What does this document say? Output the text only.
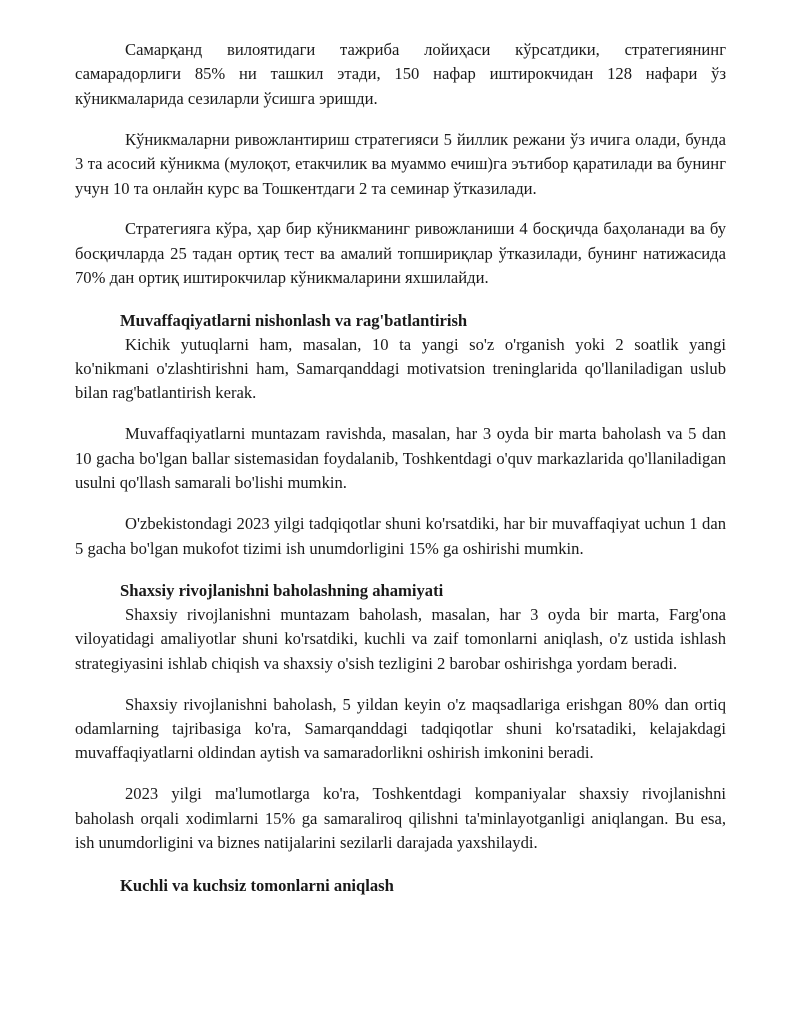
Самарқанд вилоятидаги тажриба лойиҳаси кўрсатдики, стратегиянинг самарадорлиги 85% ни ташкил этади, 150 нафар иштирокчидан 128 нафари ўз кўникмаларида сезиларли ўсишга эришди.

Кўникмаларни ривожлантириш стратегияси 5 йиллик режани ўз ичига олади, бунда 3 та асосий кўникма (мулоқот, етакчилик ва муаммо ечиш)га эътибор қаратилади ва бунинг учун 10 та онлайн курс ва Тошкентдаги 2 та семинар ўтказилади.

Стратегияга кўра, ҳар бир кўникманинг ривожланиши 4 босқичда баҳоланади ва бу босқичларда 25 тадан ортиқ тест ва амалий топшириқлар ўтказилади, бунинг натижасида 70% дан ортиқ иштирокчилар кўникмаларини яхшилайди.

Muvaffaqiyatlarni nishonlash va rag'batlantirish

Kichik yutuqlarni ham, masalan, 10 ta yangi so'z o'rganish yoki 2 soatlik yangi ko'nikmani o'zlashtirishni ham, Samarqanddagi motivatsion treninglarida qo'llaniladigan uslub bilan rag'batlantirish kerak.

Muvaffaqiyatlarni muntazam ravishda, masalan, har 3 oyda bir marta baholash va 5 dan 10 gacha bo'lgan ballar sistemasidan foydalanib, Toshkentdagi o'quv markazlarida qo'llaniladigan usulni qo'llash samarali bo'lishi mumkin.

O'zbekistondagi 2023 yilgi tadqiqotlar shuni ko'rsatdiki, har bir muvaffaqiyat uchun 1 dan 5 gacha bo'lgan mukofot tizimi ish unumdorligini 15% ga oshirishi mumkin.

Shaxsiy rivojlanishni baholashning ahamiyati

Shaxsiy rivojlanishni muntazam baholash, masalan, har 3 oyda bir marta, Farg'ona viloyatidagi amaliyotlar shuni ko'rsatdiki, kuchli va zaif tomonlarni aniqlash, o'z ustida ishlash strategiyasini ishlab chiqish va shaxsiy o'sish tezligini 2 barobar oshirishga yordam beradi.

Shaxsiy rivojlanishni baholash, 5 yildan keyin o'z maqsadlariga erishgan 80% dan ortiq odamlarning tajribasiga ko'ra, Samarqanddagi tadqiqotlar shuni ko'rsatadiki, kelajakdagi muvaffaqiyatlarni oldindan aytish va samaradorlikni oshirish imkonini beradi.

2023 yilgi ma'lumotlarga ko'ra, Toshkentdagi kompaniyalar shaxsiy rivojlanishni baholash orqali xodimlarni 15% ga samaraliroq qilishni ta'minlayotganligi aniqlangan. Bu esa, ish unumdorligini va biznes natijalarini sezilarli darajada yaxshilaydi.

Kuchli va kuchsiz tomonlarni aniqlash
